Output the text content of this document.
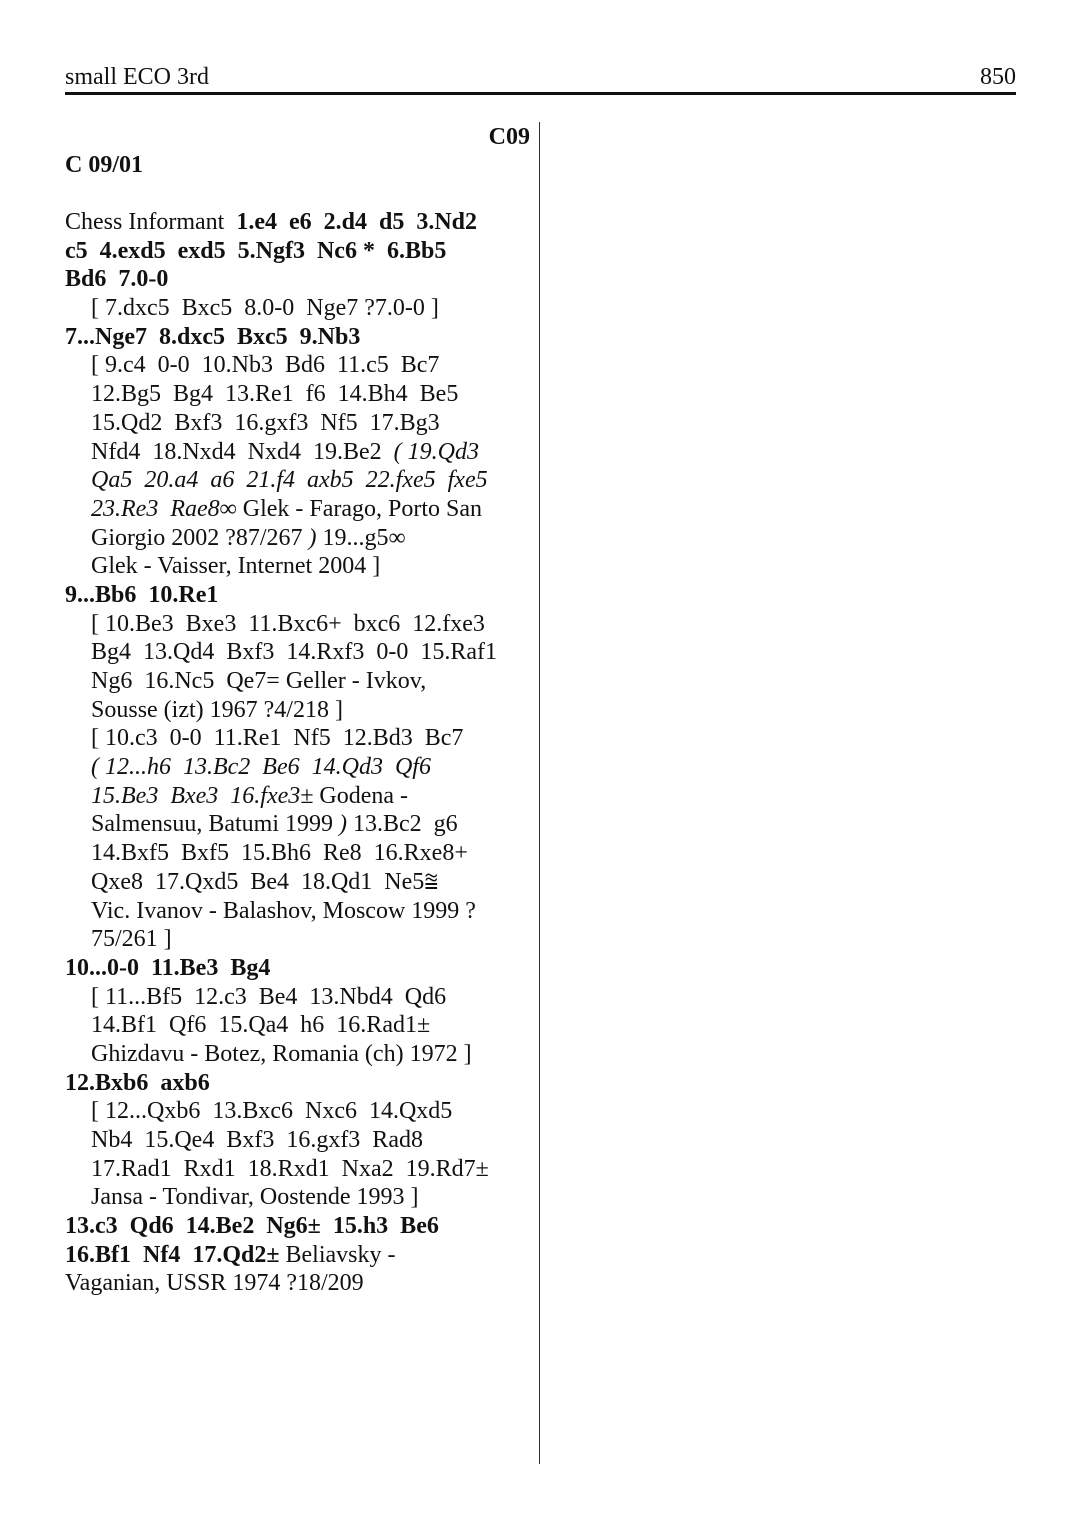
small ECO 3rd	850
C09
C 09/01
Chess Informant  1.e4  e6  2.d4  d5  3.Nd2
c5  4.exd5  exd5  5.Ngf3  Nc6 *  6.Bb5
Bd6  7.0-0
[ 7.dxc5  Bxc5  8.0-0  Nge7 ?7.0-0 ]
7...Nge7  8.dxc5  Bxc5  9.Nb3
[ 9.c4  0-0  10.Nb3  Bd6  11.c5  Bc7
12.Bg5  Bg4  13.Re1  f6  14.Bh4  Be5
15.Qd2  Bxf3  16.gxf3  Nf5  17.Bg3
Nfd4  18.Nxd4  Nxd4  19.Be2  ( 19.Qd3
Qa5  20.a4  a6  21.f4  axb5  22.fxe5  fxe5
23.Re3  Rae8∞ Glek - Farago, Porto San
Giorgio 2002 ?87/267 ) 19...g5∞
Glek - Vaisser, Internet 2004 ]
9...Bb6  10.Re1
[ 10.Be3  Bxe3  11.Bxc6+  bxc6  12.fxe3
Bg4  13.Qd4  Bxf3  14.Rxf3  0-0  15.Raf1
Ng6  16.Nc5  Qe7= Geller - Ivkov,
Sousse (izt) 1967 ?4/218 ]
[ 10.c3  0-0  11.Re1  Nf5  12.Bd3  Bc7
( 12...h6  13.Bc2  Be6  14.Qd3  Qf6
15.Be3  Bxe3  16.fxe3± Godena -
Salmensuu, Batumi 1999 ) 13.Bc2  g6
14.Bxf5  Bxf5  15.Bh6  Re8  16.Rxe8+
Qxe8  17.Qxd5  Be4  18.Qd1  Ne5⩰
Vic. Ivanov - Balashov, Moscow 1999 ?
75/261 ]
10...0-0  11.Be3  Bg4
[ 11...Bf5  12.c3  Be4  13.Nbd4  Qd6
14.Bf1  Qf6  15.Qa4  h6  16.Rad1±
Ghizdavu - Botez, Romania (ch) 1972 ]
12.Bxb6  axb6
[ 12...Qxb6  13.Bxc6  Nxc6  14.Qxd5
Nb4  15.Qe4  Bxf3  16.gxf3  Rad8
17.Rad1  Rxd1  18.Rxd1  Nxa2  19.Rd7±
Jansa - Tondivar, Oostende 1993 ]
13.c3  Qd6  14.Be2  Ng6±  15.h3  Be6
16.Bf1  Nf4  17.Qd2± Beliavsky -
Vaganian, USSR 1974 ?18/209
